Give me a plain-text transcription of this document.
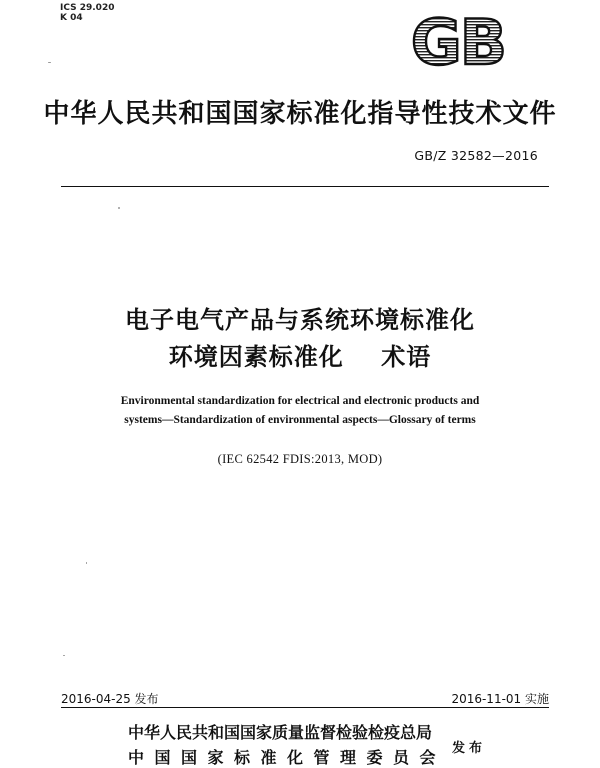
ICS 29.020
K 04	GB
中华人民共和国国家标准化指导性技术文件
GB/Z 32582—2016
电子电气产品与系统环境标准化
环境因素标准化    术语
Environmental standardization for electrical and electronic products and
systems—Standardization of environmental aspects—Glossary of terms
(IEC 62542 FDIS:2013, MOD)
2016-04-25 发布	2016-11-01 实施
中华人民共和国国家质量监督检验检疫总局
中国国家标准化管理委员会 发布
